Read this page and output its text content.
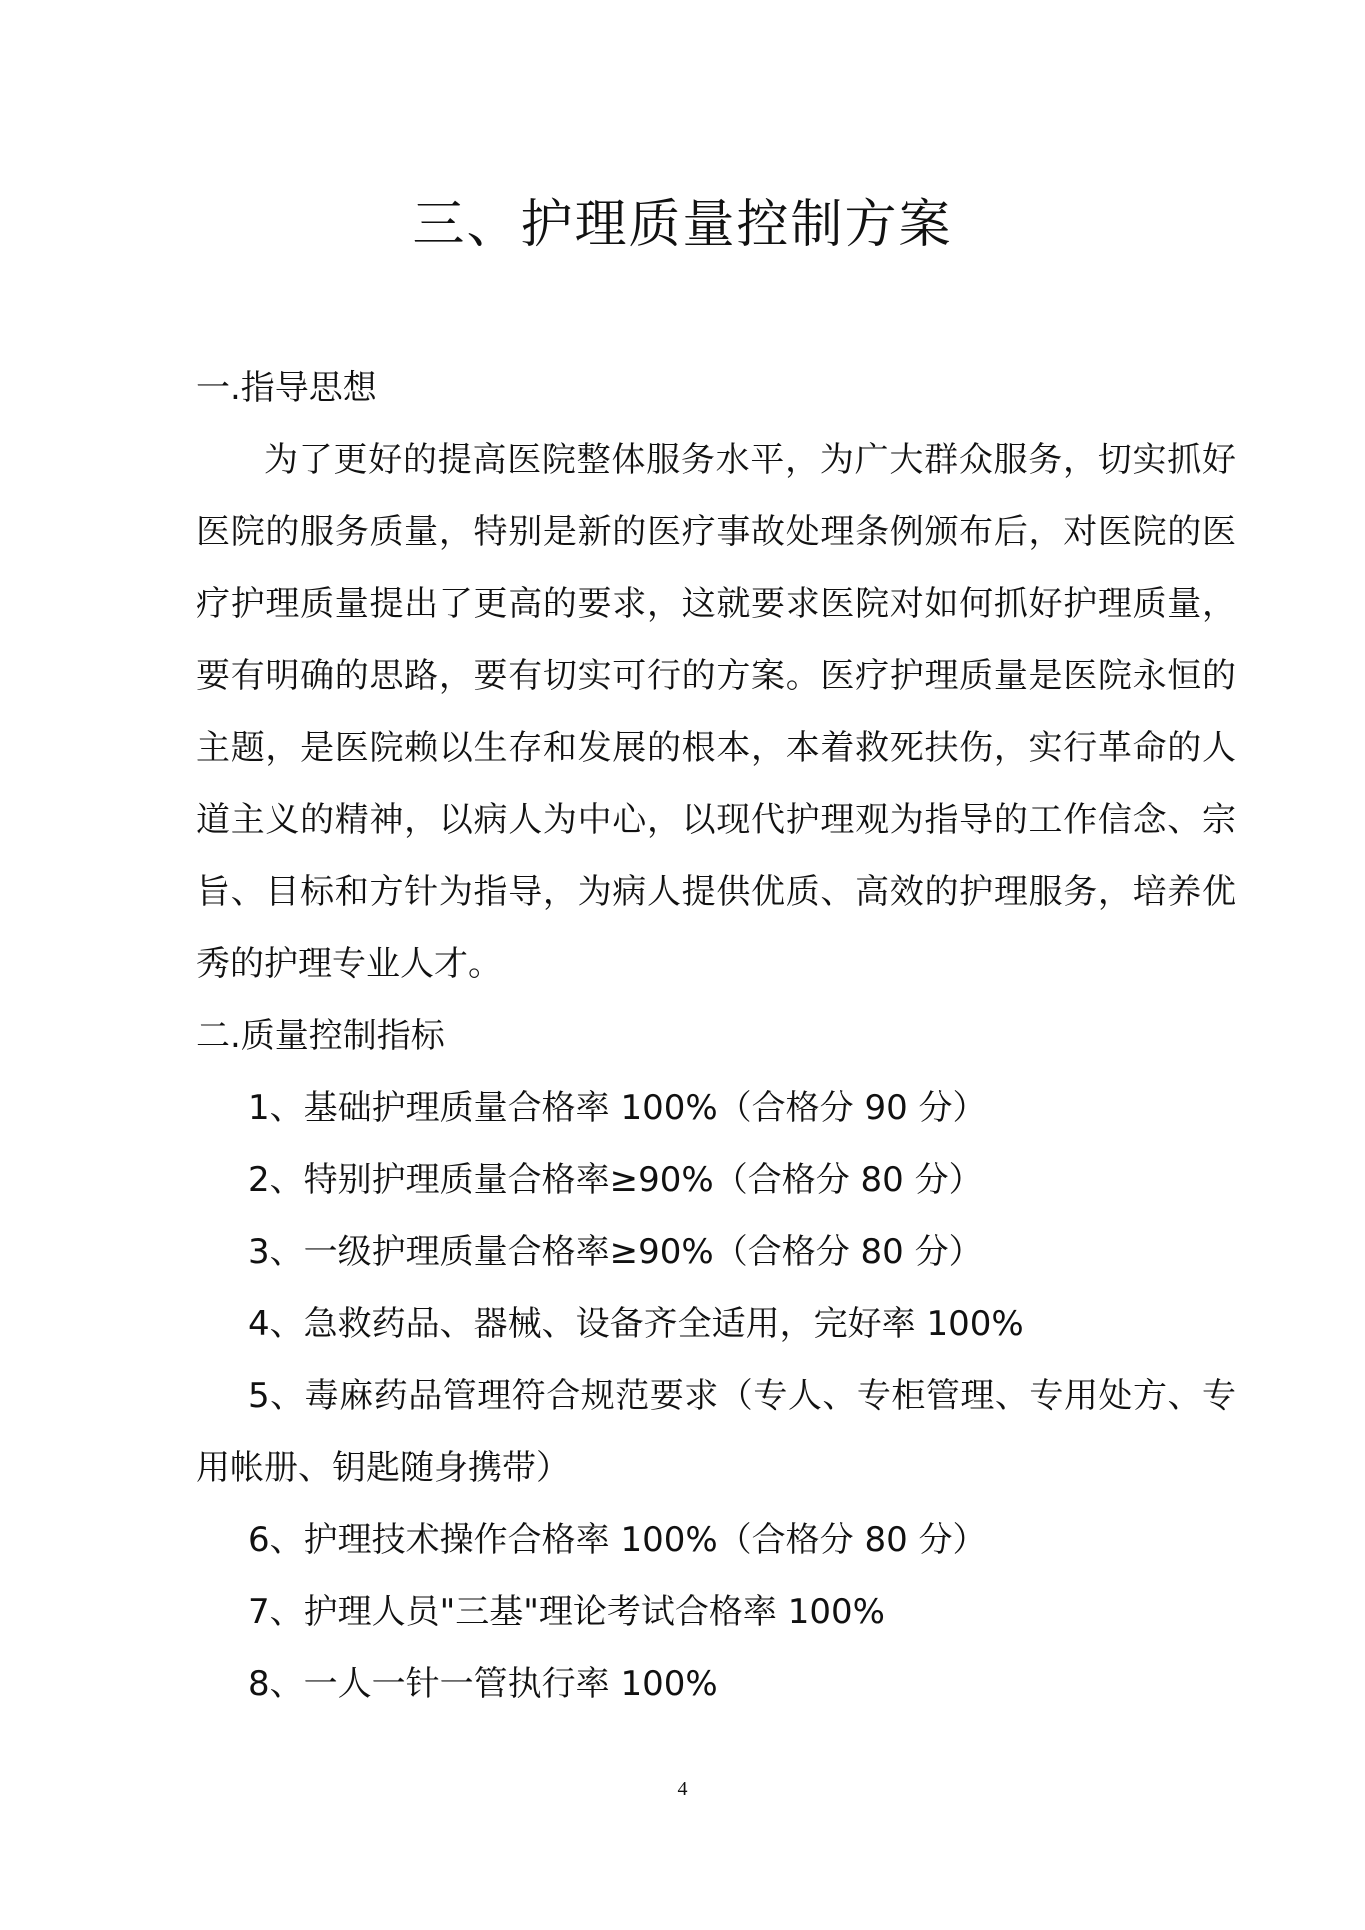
三、护理质量控制方案
一.指导思想

为了更好的提高医院整体服务水平，为广大群众服务，切实抓好医院的服务质量，特别是新的医疗事故处理条例颁布后，对医院的医疗护理质量提出了更高的要求，这就要求医院对如何抓好护理质量，要有明确的思路，要有切实可行的方案。医疗护理质量是医院永恒的主题，是医院赖以生存和发展的根本，本着救死扶伤，实行革命的人道主义的精神，以病人为中心，以现代护理观为指导的工作信念、宗旨、目标和方针为指导，为病人提供优质、高效的护理服务，培养优秀的护理专业人才。

二.质量控制指标
1、基础护理质量合格率 100%（合格分 90 分）
2、特别护理质量合格率≥90%（合格分 80 分）
3、一级护理质量合格率≥90%（合格分 80 分）
4、急救药品、器械、设备齐全适用，完好率 100%
5、毒麻药品管理符合规范要求（专人、专柜管理、专用处方、专用帐册、钥匙随身携带）
6、护理技术操作合格率 100%（合格分 80 分）
7、护理人员"三基"理论考试合格率 100%
8、一人一针一管执行率 100%
4
